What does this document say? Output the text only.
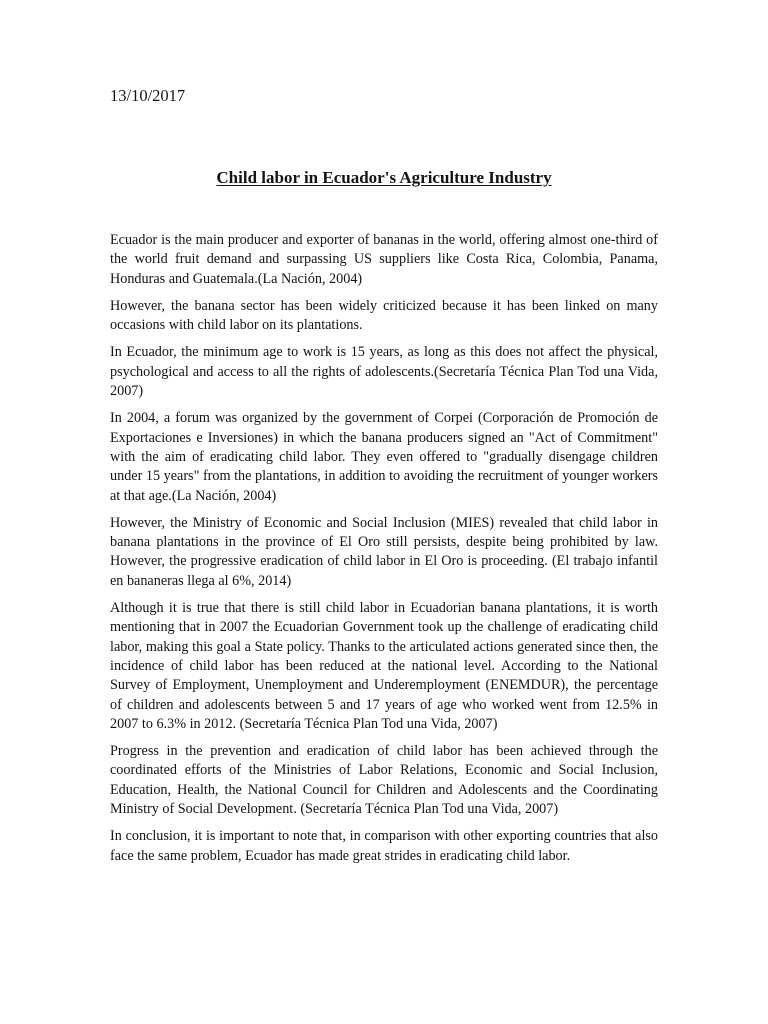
13/10/2017
Child labor in Ecuador's Agriculture Industry

Ecuador is the main producer and exporter of bananas in the world, offering almost one-third of the world fruit demand and surpassing US suppliers like Costa Rica, Colombia, Panama, Honduras and Guatemala.(La Nación, 2004)

However, the banana sector has been widely criticized because it has been linked on many occasions with child labor on its plantations.

In Ecuador, the minimum age to work is 15 years, as long as this does not affect the physical, psychological and access to all the rights of adolescents.(Secretaría Técnica Plan Tod una Vida, 2007)

In 2004, a forum was organized by the government of Corpei (Corporación de Promoción de Exportaciones e Inversiones) in which the banana producers signed an "Act of Commitment" with the aim of eradicating child labor. They even offered to "gradually disengage children under 15 years" from the plantations, in addition to avoiding the recruitment of younger workers at that age.(La Nación, 2004)

However, the Ministry of Economic and Social Inclusion (MIES) revealed that child labor in banana plantations in the province of El Oro still persists, despite being prohibited by law. However, the progressive eradication of child labor in El Oro is proceeding. (El trabajo infantil en bananeras llega al 6%, 2014)

Although it is true that there is still child labor in Ecuadorian banana plantations, it is worth mentioning that in 2007 the Ecuadorian Government took up the challenge of eradicating child labor, making this goal a State policy. Thanks to the articulated actions generated since then, the incidence of child labor has been reduced at the national level. According to the National Survey of Employment, Unemployment and Underemployment (ENEMDUR), the percentage of children and adolescents between 5 and 17 years of age who worked went from 12.5% in 2007 to 6.3% in 2012. (Secretaría Técnica Plan Tod una Vida, 2007)

Progress in the prevention and eradication of child labor has been achieved through the coordinated efforts of the Ministries of Labor Relations, Economic and Social Inclusion, Education, Health, the National Council for Children and Adolescents and the Coordinating Ministry of Social Development. (Secretaría Técnica Plan Tod una Vida, 2007)

In conclusion, it is important to note that, in comparison with other exporting countries that also face the same problem, Ecuador has made great strides in eradicating child labor.
